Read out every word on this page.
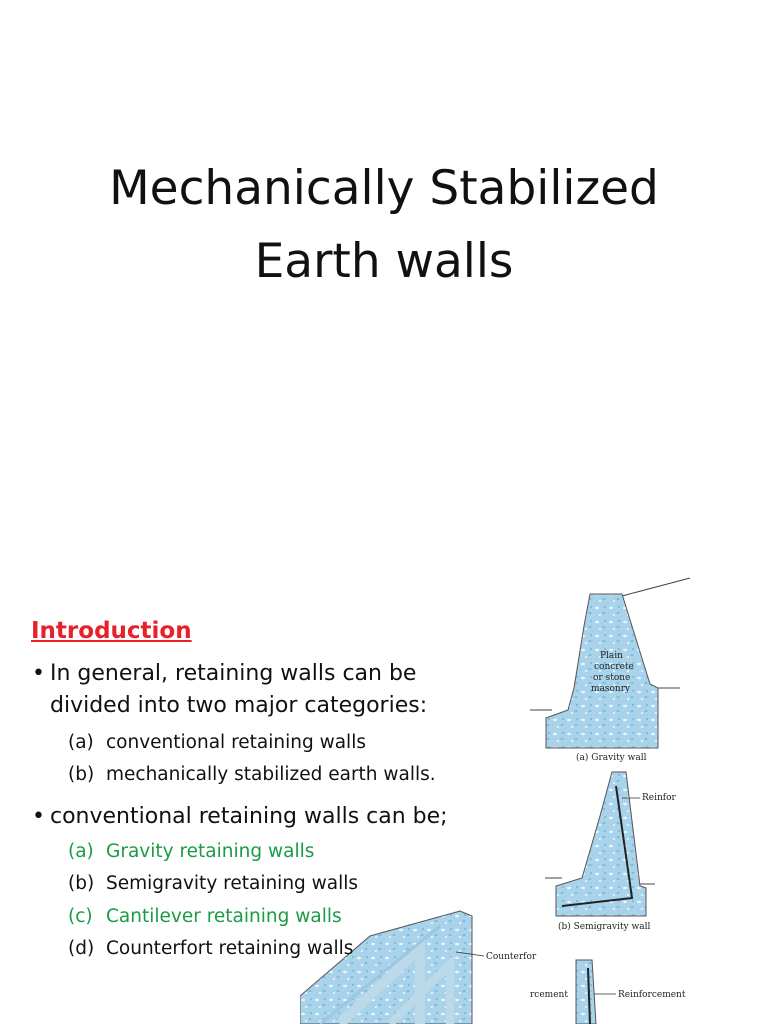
Mechanically Stabilized
Earth walls
Plain
concrete
or stone
masonry
(a) Gravity wall
Reinfor
(b) Semigravity wall
Counterfor
rcement	Reinforcement
Introduction
• In general, retaining walls can be
divided into two major categories:
(a) conventional retaining walls
(b) mechanically stabilized earth walls.
• conventional retaining walls can be;
(a) Gravity retaining walls
(b) Semigravity retaining walls
(c) Cantilever retaining walls
(d) Counterfort retaining walls
